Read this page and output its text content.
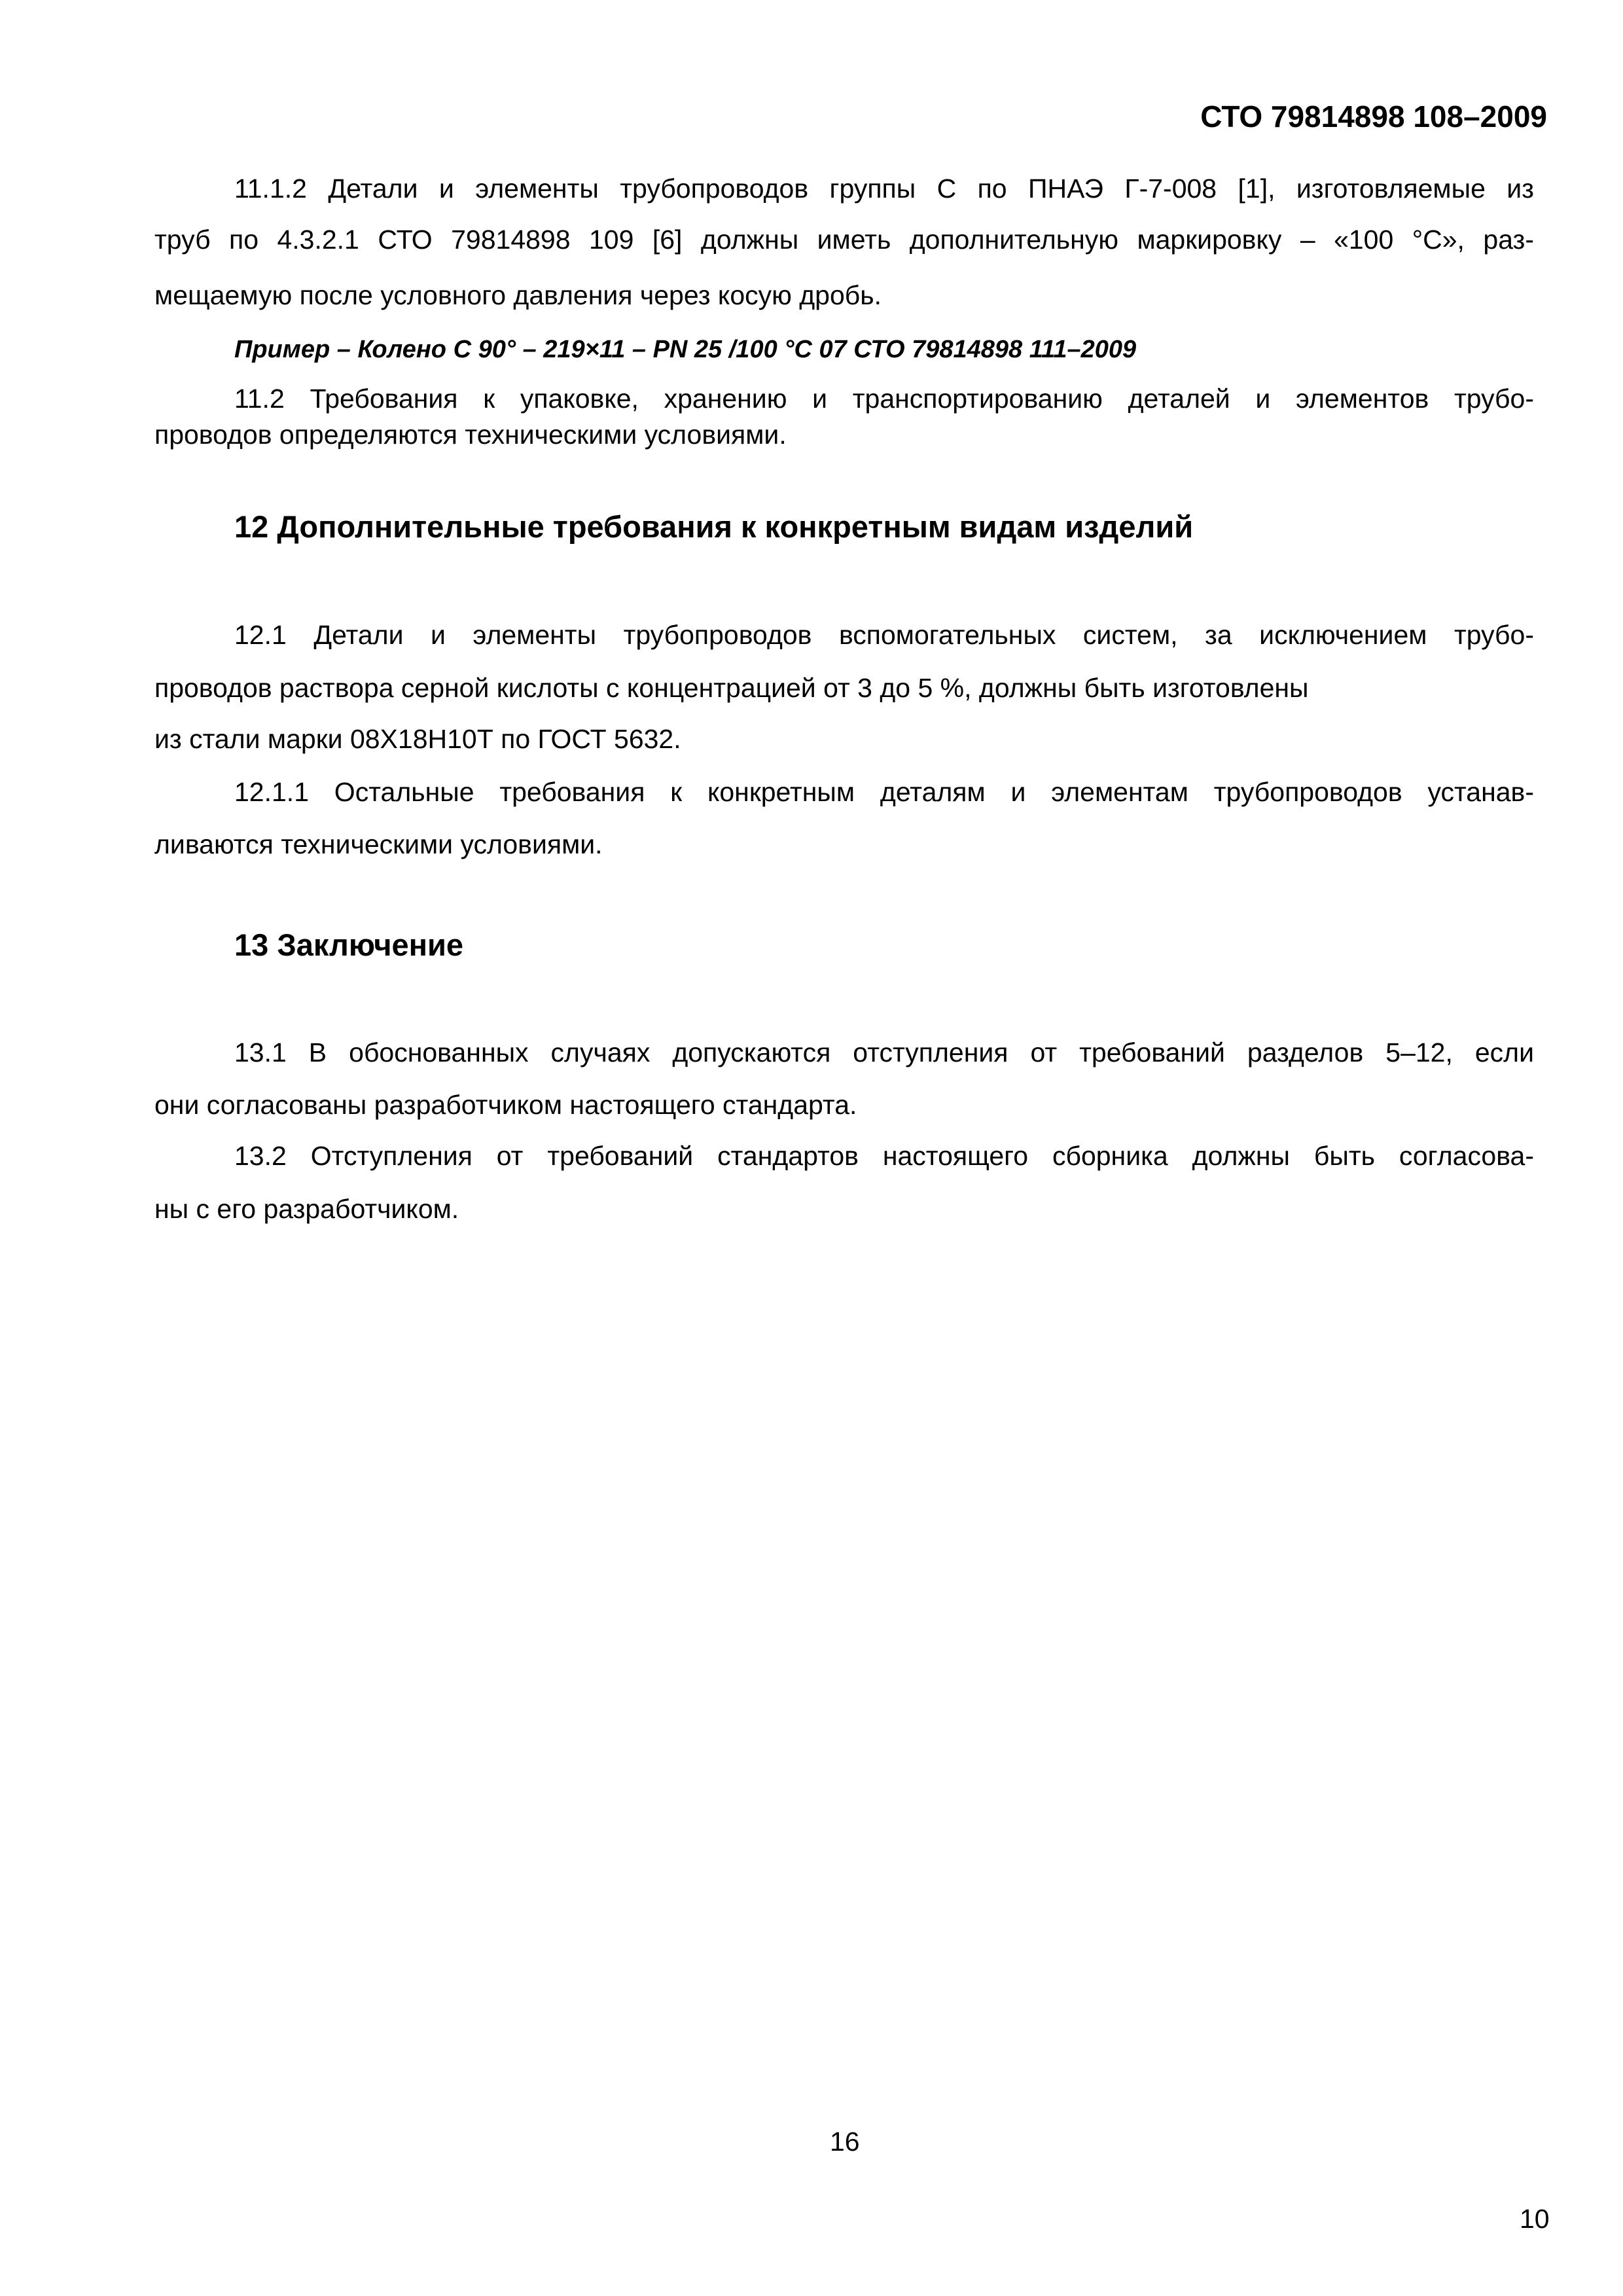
СТО 79814898 108–2009

11.1.2 Детали и элементы трубопроводов группы С по ПНАЭ Г-7-008 [1], изготовляемые из

труб по 4.3.2.1 СТО 79814898 109 [6] должны иметь дополнительную маркировку – «100 °С», раз-

мещаемую после условного давления через косую дробь.

Пример – Колено С 90° – 219×11 – PN 25 /100 °С 07 СТО 79814898 111–2009

11.2 Требования к упаковке, хранению и транспортированию деталей и элементов трубо-

проводов определяются техническими условиями.

12 Дополнительные требования к конкретным видам изделий

12.1 Детали и элементы трубопроводов вспомогательных систем, за исключением трубо-

проводов раствора серной кислоты с концентрацией от 3 до 5 %, должны быть изготовлены

из стали марки 08Х18Н10Т по ГОСТ 5632.

12.1.1 Остальные требования к конкретным деталям и элементам трубопроводов устанав-

ливаются техническими условиями.

13 Заключение

13.1 В обоснованных случаях допускаются отступления от требований разделов 5–12, если

они согласованы разработчиком настоящего стандарта.

13.2 Отступления от требований стандартов настоящего сборника должны быть согласова-

ны с его разработчиком.

16
10
